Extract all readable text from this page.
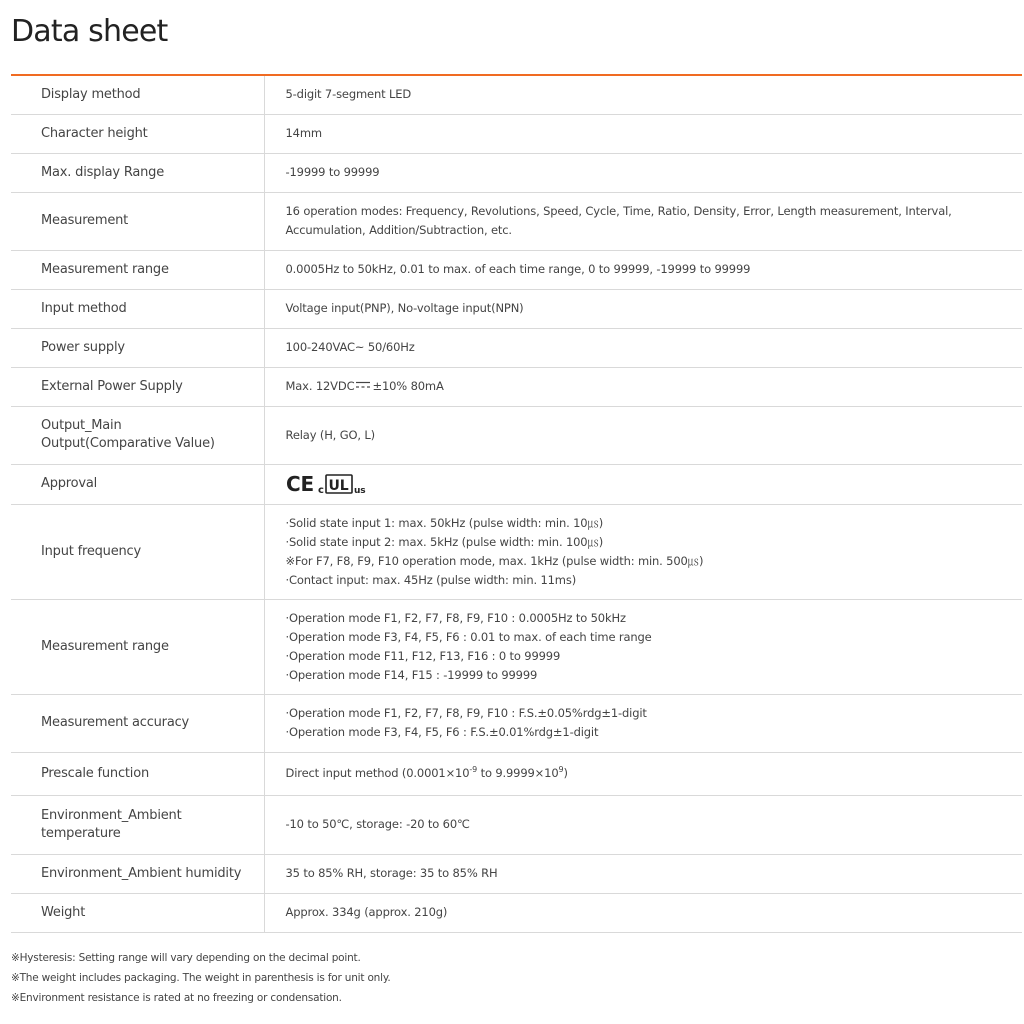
Data sheet
Display method	5-digit 7-segment LED
Character height	14mm
Max. display Range	-19999 to 99999
Measurement	16 operation modes: Frequency, Revolutions, Speed, Cycle, Time, Ratio, Density, Error, Length measurement, Interval, Accumulation, Addition/Subtraction, etc.
Measurement range	0.0005Hz to 50kHz, 0.01 to max. of each time range, 0 to 99999, -19999 to 99999
Input method	Voltage input(PNP), No-voltage input(NPN)
Power supply	100-240VAC~ 50/60Hz
External Power Supply	Max. 12VDC ±10% 80mA

Output_Main
Output(Comparative Value)	Relay (H, GO, L)
Approval	CE c UL us

Input frequency	·Solid state input 1: max. 50kHz (pulse width: min. 10㎲)
·Solid state input 2: max. 5kHz (pulse width: min. 100㎲)
※For F7, F8, F9, F10 operation mode, max. 1kHz (pulse width: min. 500㎲)
·Contact input: max. 45Hz (pulse width: min. 11ms)

Measurement range	·Operation mode F1, F2, F7, F8, F9, F10 : 0.0005Hz to 50kHz
·Operation mode F3, F4, F5, F6 : 0.01 to max. of each time range
·Operation mode F11, F12, F13, F16 : 0 to 99999
·Operation mode F14, F15 : -19999 to 99999

Measurement accuracy	·Operation mode F1, F2, F7, F8, F9, F10 : F.S.±0.05%rdg±1-digit
·Operation mode F3, F4, F5, F6 : F.S.±0.01%rdg±1-digit

Prescale function	Direct input method ($0.0001\times 10^{-9}$ to $9.9999\times 10^9$)

Environment_Ambient
temperature	-10 to 50℃, storage: -20 to 60℃
Environment_Ambient humidity	35 to 85% RH, storage: 35 to 85% RH
Weight	Approx. 334g (approx. 210g)
※Hysteresis: Setting range will vary depending on the decimal point.
※The weight includes packaging. The weight in parenthesis is for unit only.
※Environment resistance is rated at no freezing or condensation.
